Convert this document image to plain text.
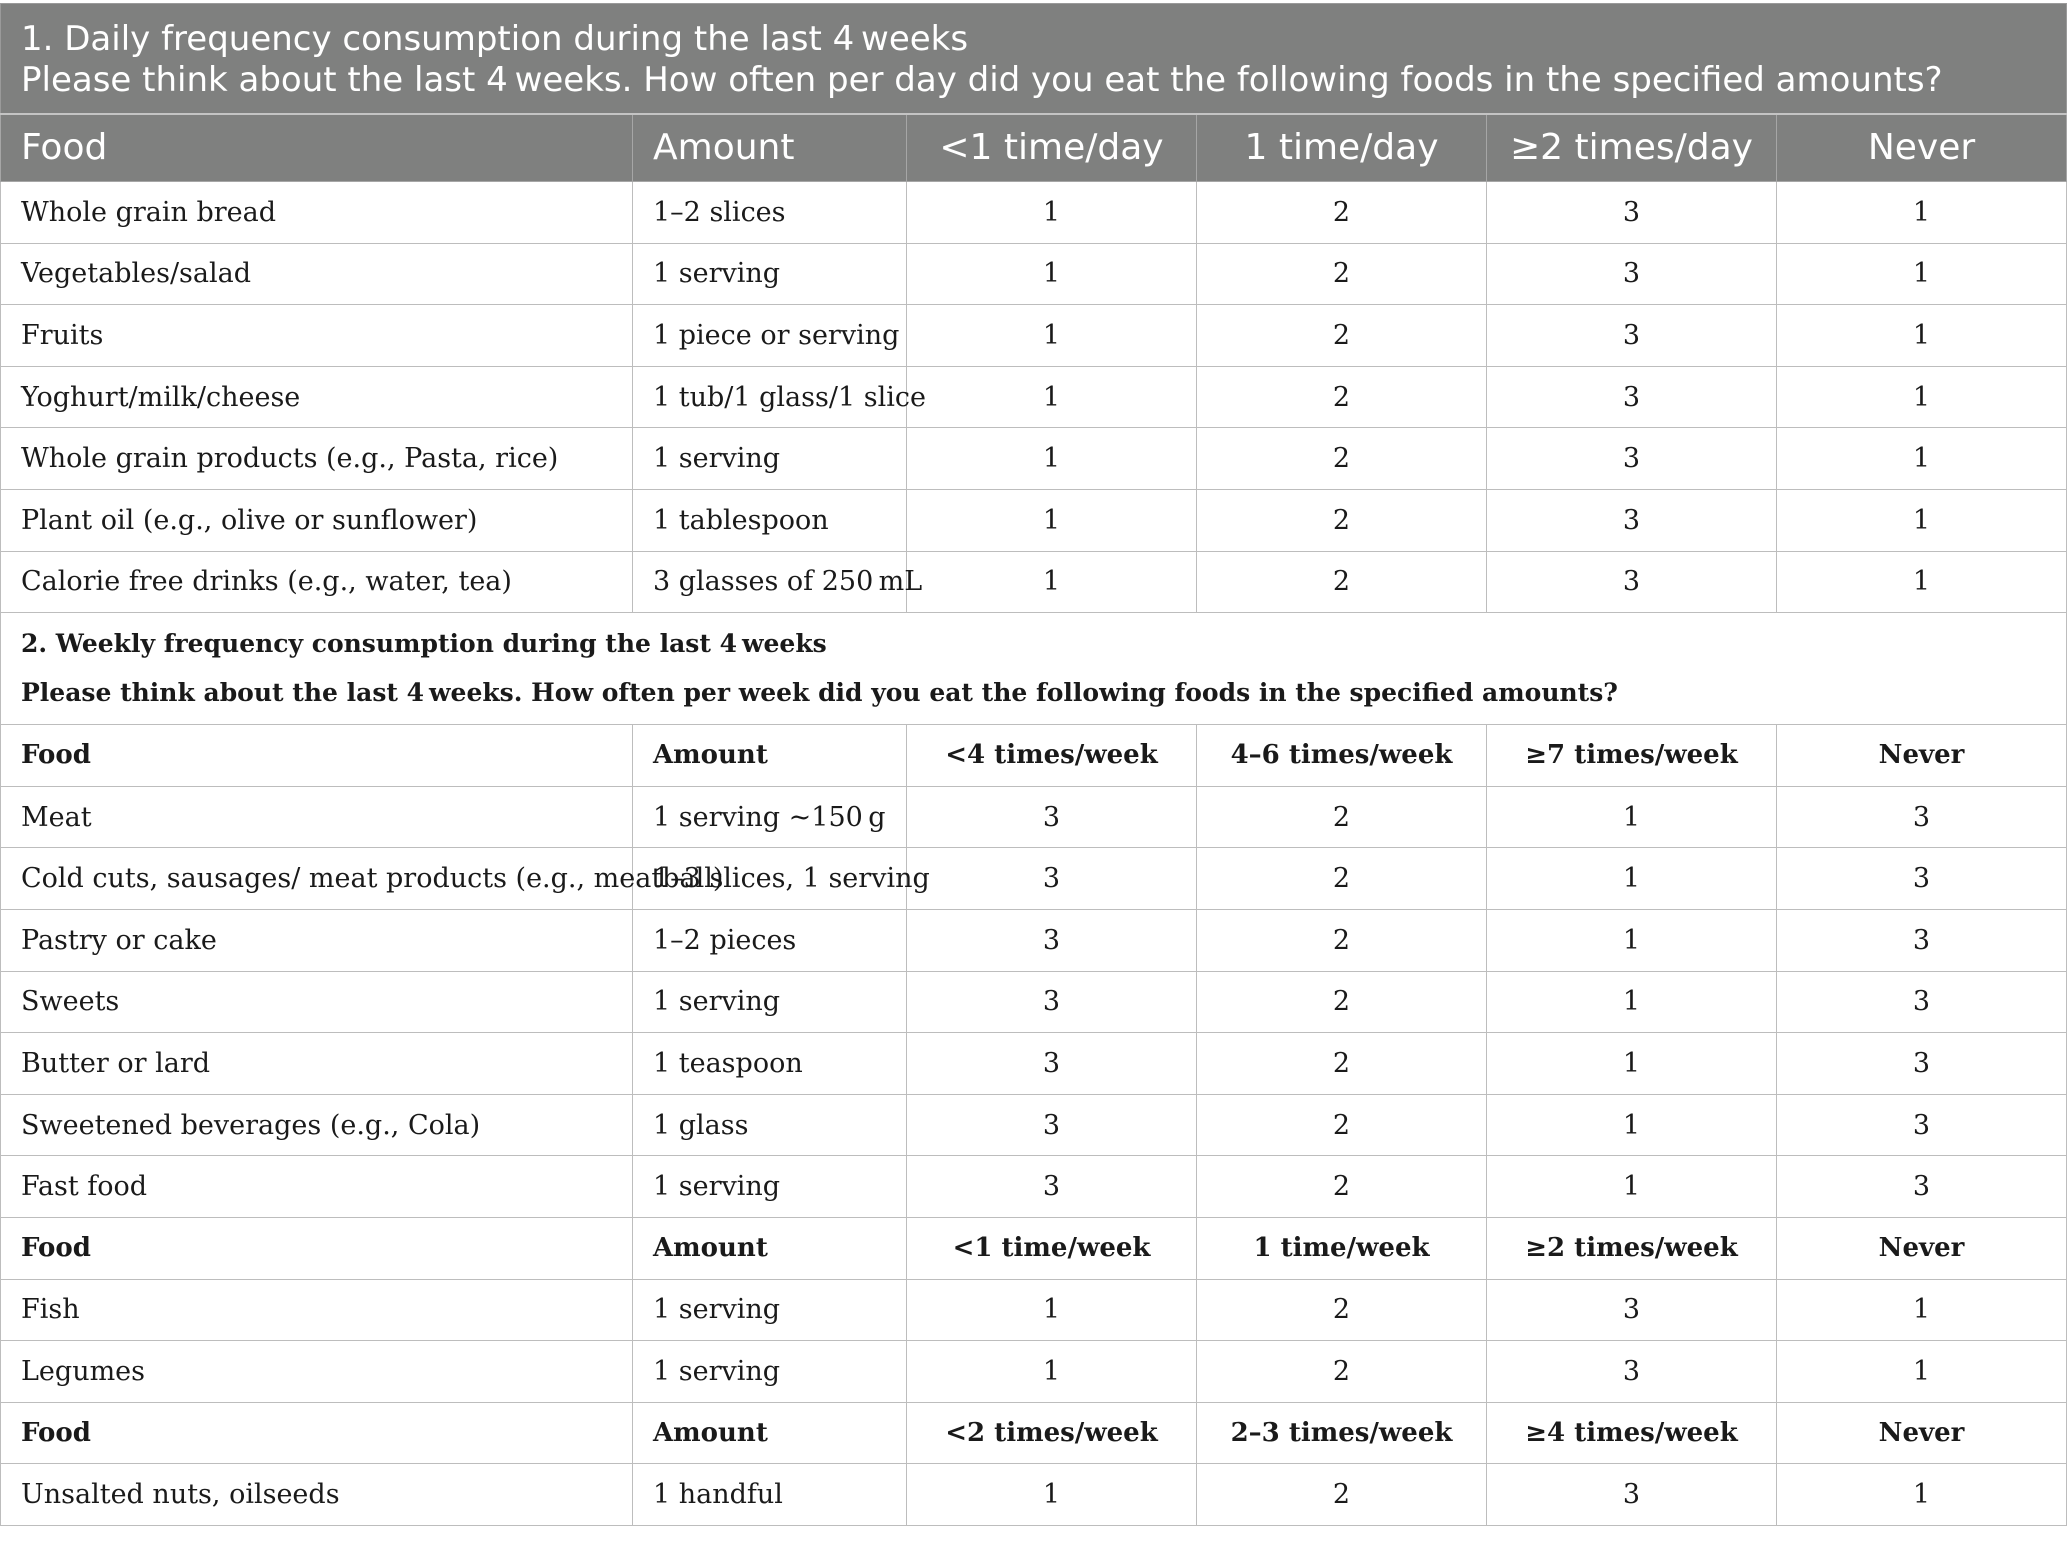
1. Daily frequency consumption during the last 4 weeks
Please think about the last 4 weeks. How often per day did you eat the following foods in the specified amounts?					

Food	Amount	<1 time/day	1 time/day	≥2 times/day	Never
Whole grain bread	1–2 slices	1	2	3	1
Vegetables/salad	1 serving	1	2	3	1
Fruits	1 piece or serving	1	2	3	1
Yoghurt/milk/cheese	1 tub/1 glass/1 slice	1	2	3	1
Whole grain products (e.g., Pasta, rice)	1 serving	1	2	3	1
Plant oil (e.g., olive or sunflower)	1 tablespoon	1	2	3	1
Calorie free drinks (e.g., water, tea)	3 glasses of 250 mL	1	2	3	1

2. Weekly frequency consumption during the last 4 weeks
Please think about the last 4 weeks. How often per week did you eat the following foods in the specified amounts?					

Food	Amount	<4 times/week	4–6 times/week	≥7 times/week	Never
Meat	1 serving ~150 g	3	2	1	3
Cold cuts, sausages/ meat products (e.g., meatball)	1–3 slices, 1 serving	3	2	1	3
Pastry or cake	1–2 pieces	3	2	1	3
Sweets	1 serving	3	2	1	3
Butter or lard	1 teaspoon	3	2	1	3
Sweetened beverages (e.g., Cola)	1 glass	3	2	1	3
Fast food	1 serving	3	2	1	3
Food	Amount	<1 time/week	1 time/week	≥2 times/week	Never
Fish	1 serving	1	2	3	1
Legumes	1 serving	1	2	3	1
Food	Amount	<2 times/week	2–3 times/week	≥4 times/week	Never
Unsalted nuts, oilseeds	1 handful	1	2	3	1
